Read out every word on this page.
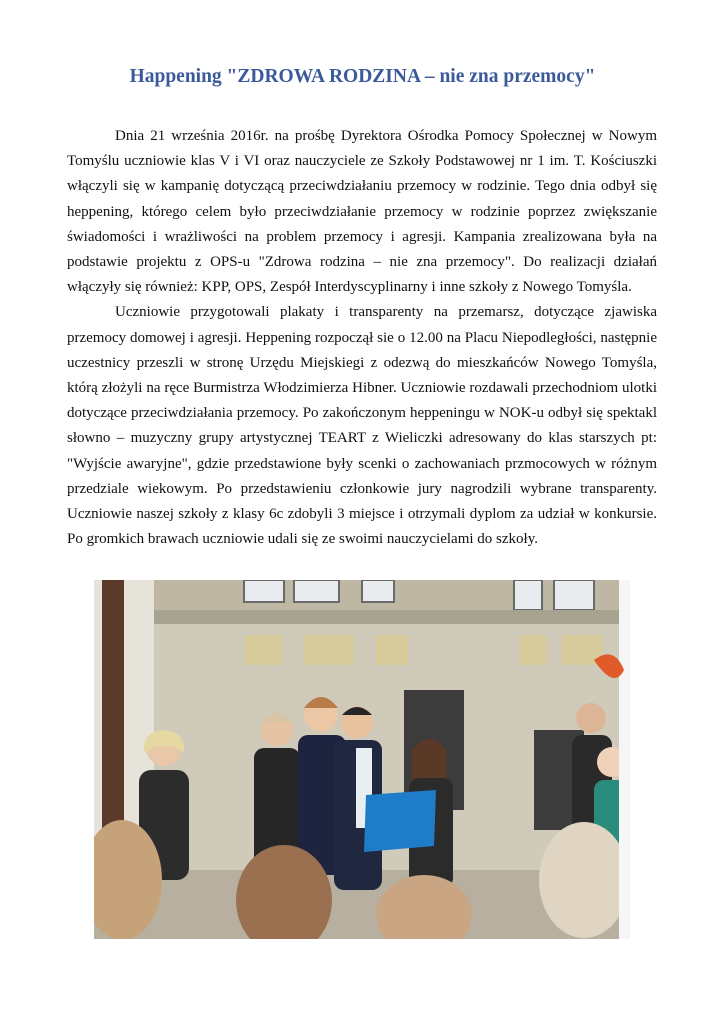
Happening "ZDROWA RODZINA – nie zna przemocy"

Dnia 21 września 2016r. na prośbę Dyrektora Ośrodka Pomocy Społecznej w Nowym Tomyślu uczniowie klas V i VI oraz nauczyciele ze Szkoły Podstawowej nr 1 im. T. Kościuszki włączyli się w kampanię dotyczącą przeciwdziałaniu przemocy w rodzinie. Tego dnia odbył się heppening, którego celem było przeciwdziałanie przemocy w rodzinie poprzez zwiększanie świadomości i wrażliwości na problem przemocy i agresji. Kampania zrealizowana była na podstawie projektu z OPS-u "Zdrowa rodzina – nie zna przemocy". Do realizacji działań włączyły się również: KPP, OPS, Zespół Interdyscyplinarny i inne szkoły z Nowego Tomyśla.

Uczniowie przygotowali plakaty i transparenty na przemarsz, dotyczące zjawiska przemocy domowej i agresji. Heppening rozpoczął sie o 12.00 na Placu Niepodległości, następnie uczestnicy przeszli w stronę Urzędu Miejskiegi z odezwą do mieszkańców Nowego Tomyśla, którą złożyli na ręce Burmistrza Włodzimierza Hibner. Uczniowie rozdawali przechodniom ulotki dotyczące przeciwdziałania przemocy. Po zakończonym heppeningu w NOK-u odbył się spektakl słowno – muzyczny grupy artystycznej TEART z Wieliczki adresowany do klas starszych pt: "Wyjście awaryjne", gdzie przedstawione były scenki o zachowaniach przmocowych w różnym przedziale wiekowym. Po przedstawieniu członkowie jury nagrodzili wybrane transparenty. Uczniowie naszej szkoły z klasy 6c zdobyli 3 miejsce i otrzymali dyplom za udział w konkursie. Po gromkich brawach uczniowie udali się ze swoimi nauczycielami do szkoły.
